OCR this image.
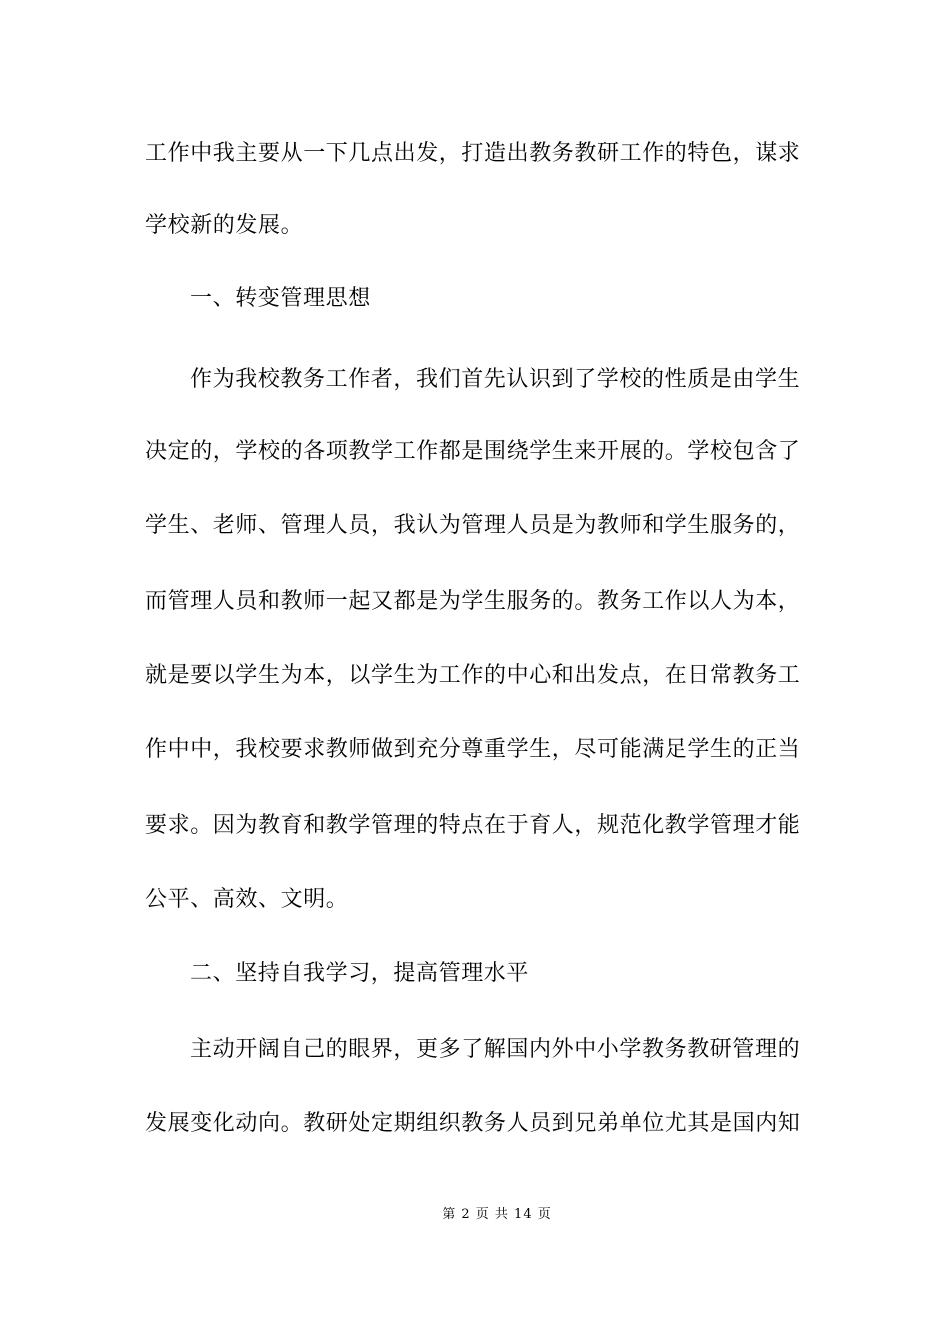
工作中我主要从一下几点出发，打造出教务教研工作的特色，谋求
学校新的发展。
一、转变管理思想
作为我校教务工作者，我们首先认识到了学校的性质是由学生
决定的，学校的各项教学工作都是围绕学生来开展的。学校包含了
学生、老师、管理人员，我认为管理人员是为教师和学生服务的，
而管理人员和教师一起又都是为学生服务的。教务工作以人为本，
就是要以学生为本，以学生为工作的中心和出发点，在日常教务工
作中中，我校要求教师做到充分尊重学生，尽可能满足学生的正当
要求。因为教育和教学管理的特点在于育人，规范化教学管理才能
公平、高效、文明。
二、坚持自我学习，提高管理水平
主动开阔自己的眼界，更多了解国内外中小学教务教研管理的
发展变化动向。教研处定期组织教务人员到兄弟单位尤其是国内知
第 2 页 共 14 页
